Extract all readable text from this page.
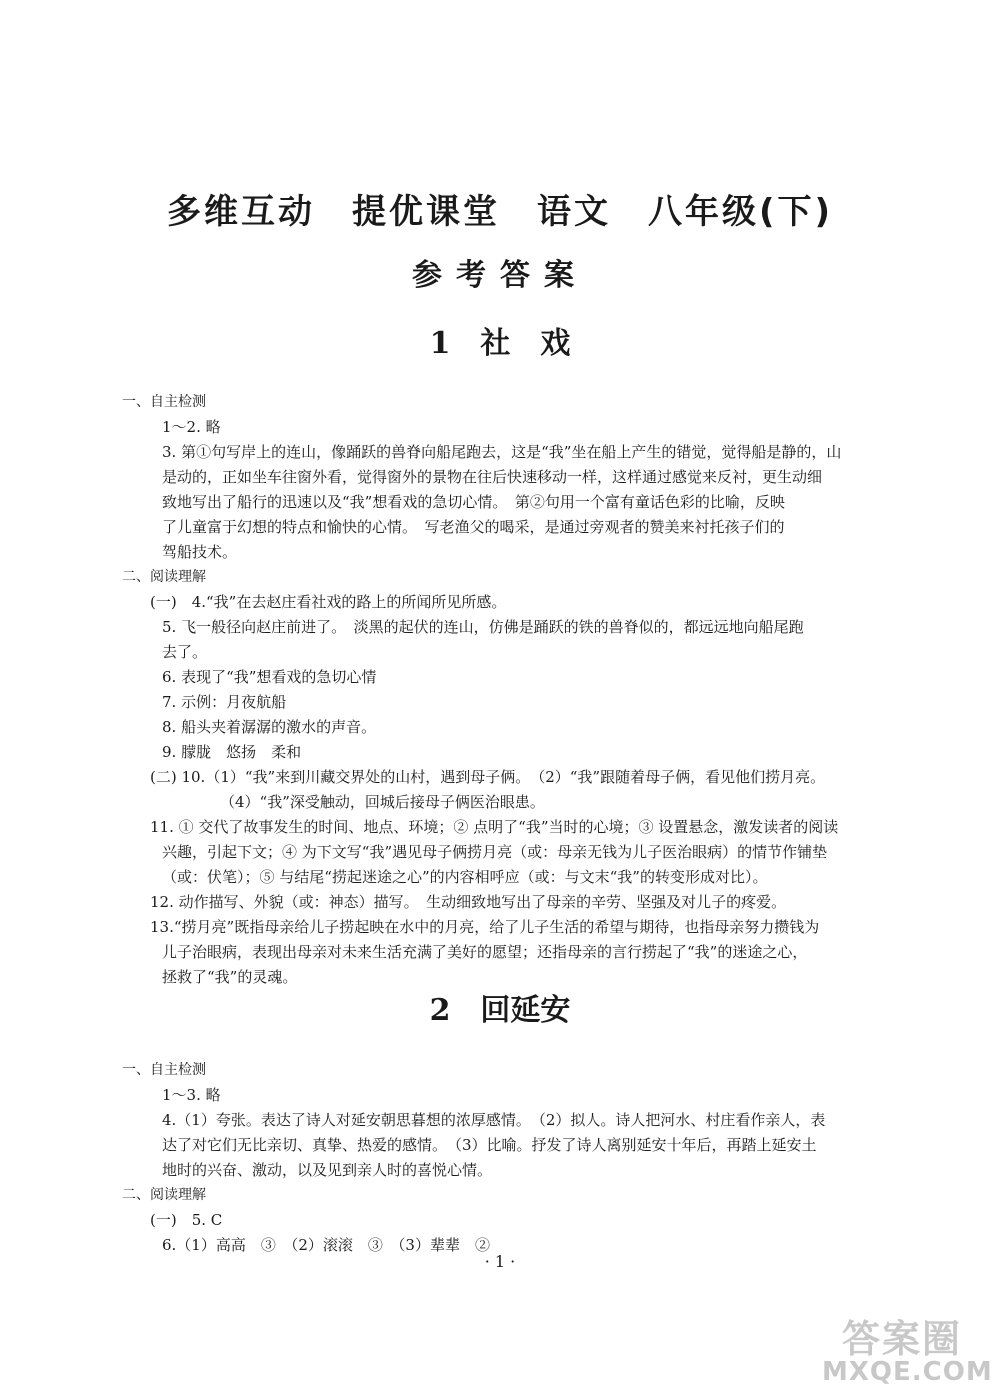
多维互动　提优课堂　语文　八年级(下)
参考答案
1　社　戏
一、自主检测
1～2. 略
3. 第①句写岸上的连山，像踊跃的兽脊向船尾跑去，这是“我”坐在船上产生的错觉，觉得船是静的，山
是动的，正如坐车往窗外看，觉得窗外的景物在往后快速移动一样，这样通过感觉来反衬，更生动细
致地写出了船行的迅速以及“我”想看戏的急切心情。　第②句用一个富有童话色彩的比喻，反映
了儿童富于幻想的特点和愉快的心情。　写老渔父的喝采，是通过旁观者的赞美来衬托孩子们的
驾船技术。
二、阅读理解
(一)　4.“我”在去赵庄看社戏的路上的所闻所见所感。
5. 飞一般径向赵庄前进了。　淡黑的起伏的连山，仿佛是踊跃的铁的兽脊似的，都远远地向船尾跑
去了。
6. 表现了“我”想看戏的急切心情
7. 示例：月夜航船
8. 船头夹着潺潺的激水的声音。
9. 朦胧　悠扬　柔和
(二) 10.（1）“我”来到川藏交界处的山村，遇到母子俩。　（2）“我”跟随着母子俩，看见他们捞月亮。
（4）“我”深受触动，回城后接母子俩医治眼患。
11. ① 交代了故事发生的时间、地点、环境；② 点明了“我”当时的心境；③ 设置悬念，激发读者的阅读
兴趣，引起下文；④ 为下文写“我”遇见母子俩捞月亮（或：母亲无钱为儿子医治眼病）的情节作铺垫
（或：伏笔）；⑤ 与结尾“捞起迷途之心”的内容相呼应（或：与文末“我”的转变形成对比）。
12. 动作描写、外貌（或：神态）描写。　生动细致地写出了母亲的辛劳、坚强及对儿子的疼爱。
13.“捞月亮”既指母亲给儿子捞起映在水中的月亮，给了儿子生活的希望与期待，也指母亲努力攒钱为
儿子治眼病，表现出母亲对未来生活充满了美好的愿望；还指母亲的言行捞起了“我”的迷途之心，
拯救了“我”的灵魂。
2　回延安
一、自主检测
1～3. 略
4.（1）夸张。表达了诗人对延安朝思暮想的浓厚感情。　（2）拟人。诗人把河水、村庄看作亲人，表
达了对它们无比亲切、真挚、热爱的感情。　（3）比喻。抒发了诗人离别延安十年后，再踏上延安土
地时的兴奋、激动，以及见到亲人时的喜悦心情。
二、阅读理解
(一)　5. C
6.（1）高高　③　（2）滚滚　③　（3）辈辈　②
· 1 ·
答案圈
MXQE.COM
